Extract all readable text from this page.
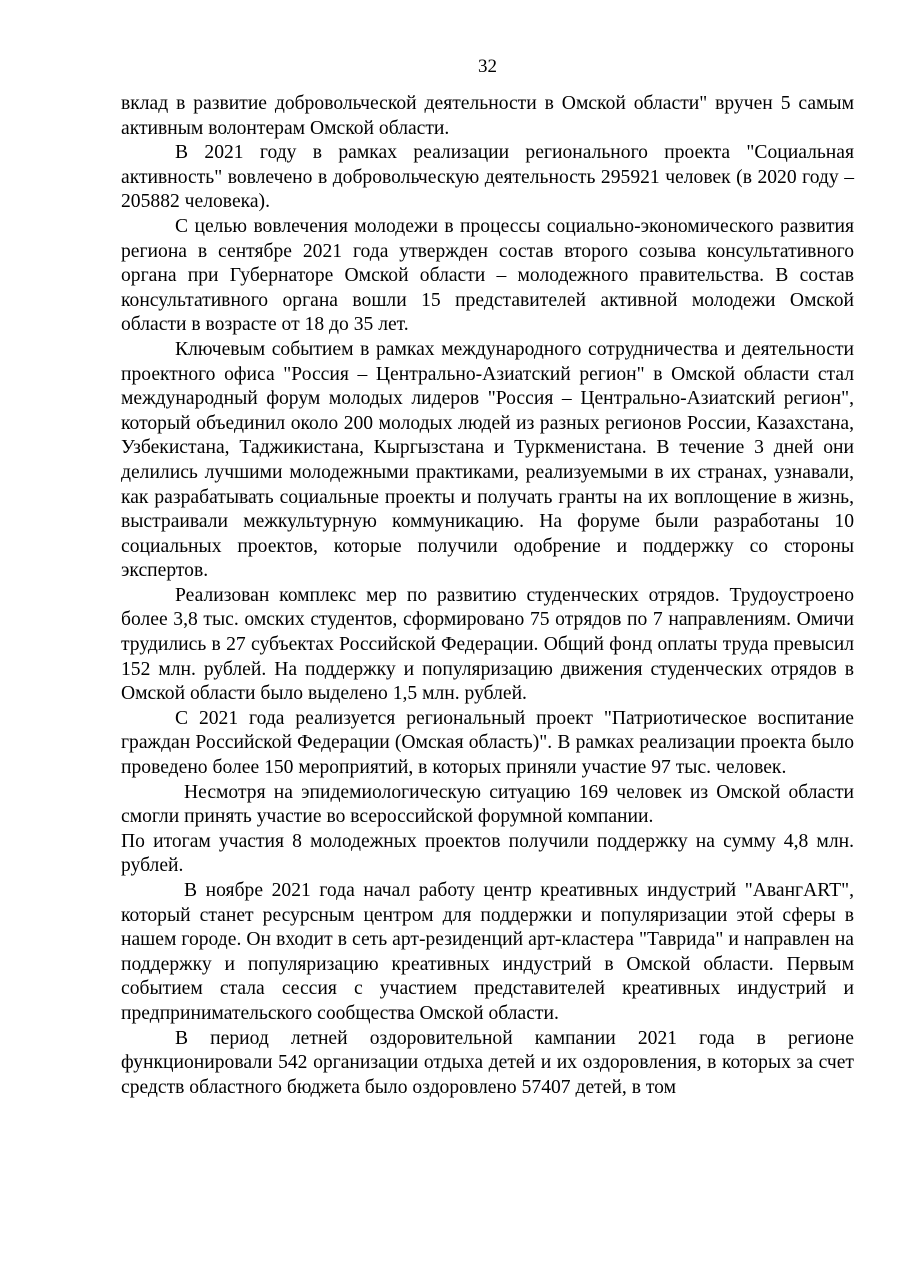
32

вклад в развитие добровольческой деятельности в Омской области" вручен 5 самым активным волонтерам Омской области.

В 2021 году в рамках реализации регионального проекта "Социальная активность" вовлечено в добровольческую деятельность 295921 человек (в 2020 году – 205882 человека).

С целью вовлечения молодежи в процессы социально-экономического развития региона в сентябре 2021 года утвержден состав второго созыва консультативного органа при Губернаторе Омской области – молодежного правительства. В состав консультативного органа вошли 15 представителей активной молодежи Омской области в возрасте от 18 до 35 лет.

Ключевым событием в рамках международного сотрудничества и деятельности проектного офиса "Россия – Центрально-Азиатский регион" в Омской области стал международный форум молодых лидеров "Россия – Центрально-Азиатский регион", который объединил около 200 молодых людей из разных регионов России, Казахстана, Узбекистана, Таджикистана, Кыргызстана и Туркменистана. В течение 3 дней они делились лучшими молодежными практиками, реализуемыми в их странах, узнавали, как разрабатывать социальные проекты и получать гранты на их воплощение в жизнь, выстраивали межкультурную коммуникацию. На форуме были разработаны 10 социальных проектов, которые получили одобрение и поддержку со стороны экспертов.

Реализован комплекс мер по развитию студенческих отрядов. Трудоустроено более 3,8 тыс. омских студентов, сформировано 75 отрядов по 7 направлениям. Омичи трудились в 27 субъектах Российской Федерации. Общий фонд оплаты труда превысил 152 млн. рублей. На поддержку и популяризацию движения студенческих отрядов в Омской области было выделено 1,5 млн. рублей.

С 2021 года реализуется региональный проект "Патриотическое воспитание граждан Российской Федерации (Омская область)". В рамках реализации проекта было проведено более 150 мероприятий, в которых приняли участие 97 тыс. человек.

Несмотря на эпидемиологическую ситуацию 169 человек из Омской области смогли принять участие во всероссийской форумной компании.

По итогам участия 8 молодежных проектов получили поддержку на сумму 4,8 млн. рублей.

В ноябре 2021 года начал работу центр креативных индустрий "АвангART", который станет ресурсным центром для поддержки и популяризации этой сферы в нашем городе. Он входит в сеть арт-резиденций арт-кластера "Таврида" и направлен на поддержку и популяризацию креативных индустрий в Омской области. Первым событием стала сессия с участием представителей креативных индустрий и предпринимательского сообщества Омской области.

В период летней оздоровительной кампании 2021 года в регионе функционировали 542 организации отдыха детей и их оздоровления, в которых за счет средств областного бюджета было оздоровлено 57407 детей, в том
